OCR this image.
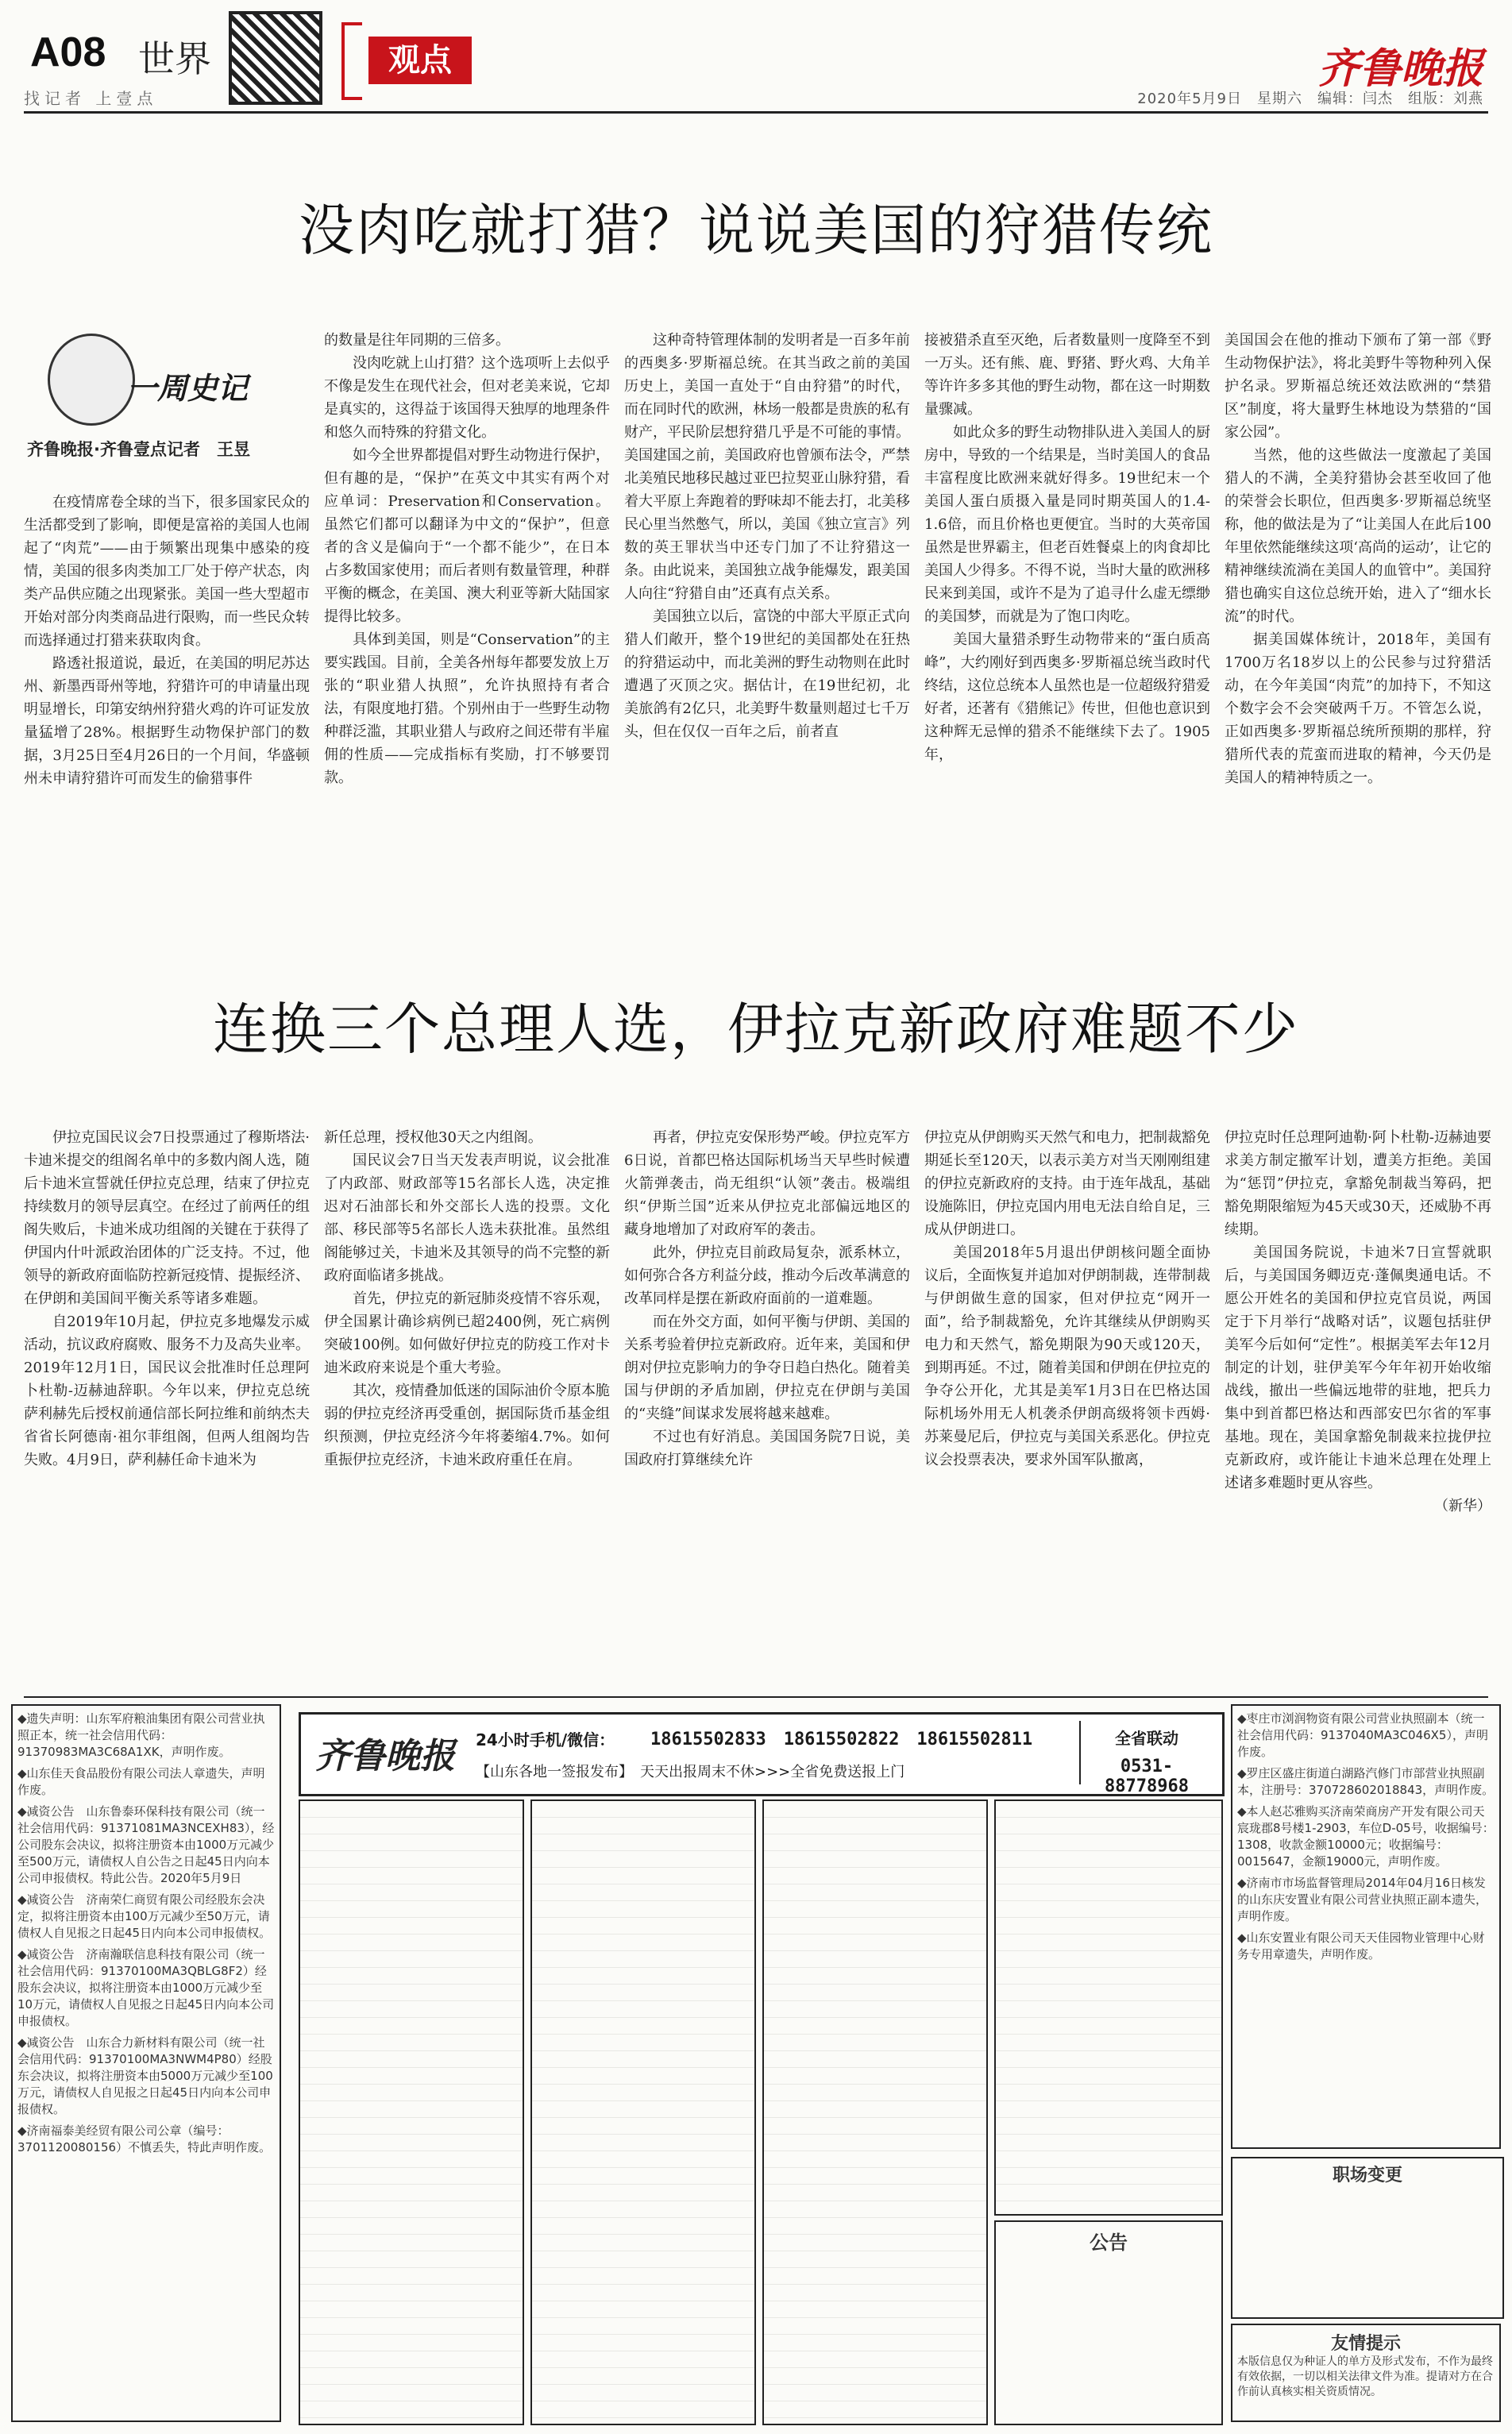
A08 世界
找记者 上壹点
观点	齐鲁晚报
2020年5月9日　星期六　编辑：闫杰　组版：刘燕
没肉吃就打猎？说说美国的狩猎传统
一周史记
齐鲁晚报·齐鲁壹点记者　王昱

在疫情席卷全球的当下，很多国家民众的生活都受到了影响，即便是富裕的美国人也闹起了“肉荒”——由于频繁出现集中感染的疫情，美国的很多肉类加工厂处于停产状态，肉类产品供应随之出现紧张。美国一些大型超市开始对部分肉类商品进行限购，而一些民众转而选择通过打猎来获取肉食。

路透社报道说，最近，在美国的明尼苏达州、新墨西哥州等地，狩猎许可的申请量出现明显增长，印第安纳州狩猎火鸡的许可证发放量猛增了28%。根据野生动物保护部门的数据，3月25日至4月26日的一个月间，华盛顿州未申请狩猎许可而发生的偷猎事件

的数量是往年同期的三倍多。

没肉吃就上山打猎？这个选项听上去似乎不像是发生在现代社会，但对老美来说，它却是真实的，这得益于该国得天独厚的地理条件和悠久而特殊的狩猎文化。

如今全世界都提倡对野生动物进行保护，但有趣的是，“保护”在英文中其实有两个对应单词：Preservation和Conservation。虽然它们都可以翻译为中文的“保护”，但意者的含义是偏向于“一个都不能少”，在日本占多数国家使用；而后者则有数量管理，种群平衡的概念，在美国、澳大利亚等新大陆国家提得比较多。

具体到美国，则是“Conservation”的主要实践国。目前，全美各州每年都要发放上万张的“职业猎人执照”，允许执照持有者合法，有限度地打猎。个别州由于一些野生动物种群泛滥，其职业猎人与政府之间还带有半雇佣的性质——完成指标有奖励，打不够要罚款。

这种奇特管理体制的发明者是一百多年前的西奥多·罗斯福总统。在其当政之前的美国历史上，美国一直处于“自由狩猎”的时代，而在同时代的欧洲，林场一般都是贵族的私有财产，平民阶层想狩猎几乎是不可能的事情。美国建国之前，美国政府也曾颁布法令，严禁北美殖民地移民越过亚巴拉契亚山脉狩猎，看着大平原上奔跑着的野味却不能去打，北美移民心里当然憋气，所以，美国《独立宣言》列数的英王罪状当中还专门加了不让狩猎这一条。由此说来，美国独立战争能爆发，跟美国人向往“狩猎自由”还真有点关系。

美国独立以后，富饶的中部大平原正式向猎人们敞开，整个19世纪的美国都处在狂热的狩猎运动中，而北美洲的野生动物则在此时遭遇了灭顶之灾。据估计，在19世纪初，北美旅鸽有2亿只，北美野牛数量则超过七千万头，但在仅仅一百年之后，前者直

接被猎杀直至灭绝，后者数量则一度降至不到一万头。还有熊、鹿、野猪、野火鸡、大角羊等许许多多其他的野生动物，都在这一时期数量骤减。

如此众多的野生动物排队进入美国人的厨房中，导致的一个结果是，当时美国人的食品丰富程度比欧洲来就好得多。19世纪末一个美国人蛋白质摄入量是同时期英国人的1.4-1.6倍，而且价格也更便宜。当时的大英帝国虽然是世界霸主，但老百姓餐桌上的肉食却比美国人少得多。不得不说，当时大量的欧洲移民来到美国，或许不是为了追寻什么虚无缥缈的美国梦，而就是为了饱口肉吃。

美国大量猎杀野生动物带来的“蛋白质高峰”，大约刚好到西奥多·罗斯福总统当政时代终结，这位总统本人虽然也是一位超级狩猎爱好者，还著有《猎熊记》传世，但他也意识到这种辉无忌惮的猎杀不能继续下去了。1905年，

美国国会在他的推动下颁布了第一部《野生动物保护法》，将北美野牛等物种列入保护名录。罗斯福总统还效法欧洲的“禁猎区”制度，将大量野生林地设为禁猎的“国家公园”。

当然，他的这些做法一度激起了美国猎人的不满，全美狩猎协会甚至收回了他的荣誉会长职位，但西奥多·罗斯福总统坚称，他的做法是为了“让美国人在此后100年里依然能继续这项‘高尚的运动’，让它的精神继续流淌在美国人的血管中”。美国狩猎也确实自这位总统开始，进入了“细水长流”的时代。

据美国媒体统计，2018年，美国有1700万名18岁以上的公民参与过狩猎活动，在今年美国“肉荒”的加持下，不知这个数字会不会突破两千万。不管怎么说，正如西奥多·罗斯福总统所预期的那样，狩猎所代表的荒蛮而进取的精神，今天仍是美国人的精神特质之一。

连换三个总理人选，伊拉克新政府难题不少

伊拉克国民议会7日投票通过了穆斯塔法·卡迪米提交的组阁名单中的多数内阁人选，随后卡迪米宣誓就任伊拉克总理，结束了伊拉克持续数月的领导层真空。在经过了前两任的组阁失败后，卡迪米成功组阁的关键在于获得了伊国内什叶派政治团体的广泛支持。不过，他领导的新政府面临防控新冠疫情、提振经济、在伊朗和美国间平衡关系等诸多难题。

自2019年10月起，伊拉克多地爆发示威活动，抗议政府腐败、服务不力及高失业率。2019年12月1日，国民议会批准时任总理阿卜杜勒-迈赫迪辞职。今年以来，伊拉克总统萨利赫先后授权前通信部长阿拉维和前纳杰夫省省长阿德南·祖尔菲组阁，但两人组阁均告失败。4月9日，萨利赫任命卡迪米为

新任总理，授权他30天之内组阁。

国民议会7日当天发表声明说，议会批准了内政部、财政部等15名部长人选，决定推迟对石油部长和外交部长人选的投票。文化部、移民部等5名部长人选未获批准。虽然组阁能够过关，卡迪米及其领导的尚不完整的新政府面临诸多挑战。

首先，伊拉克的新冠肺炎疫情不容乐观，伊全国累计确诊病例已超2400例，死亡病例突破100例。如何做好伊拉克的防疫工作对卡迪米政府来说是个重大考验。

其次，疫情叠加低迷的国际油价令原本脆弱的伊拉克经济再受重创，据国际货币基金组织预测，伊拉克经济今年将萎缩4.7%。如何重振伊拉克经济，卡迪米政府重任在肩。

再者，伊拉克安保形势严峻。伊拉克军方6日说，首都巴格达国际机场当天早些时候遭火箭弹袭击，尚无组织“认领”袭击。极端组织“伊斯兰国”近来从伊拉克北部偏远地区的藏身地增加了对政府军的袭击。

此外，伊拉克目前政局复杂，派系林立，如何弥合各方利益分歧，推动今后改革满意的改革同样是摆在新政府面前的一道难题。

而在外交方面，如何平衡与伊朗、美国的关系考验着伊拉克新政府。近年来，美国和伊朗对伊拉克影响力的争夺日趋白热化。随着美国与伊朗的矛盾加剧，伊拉克在伊朗与美国的“夹缝”间谋求发展将越来越难。

不过也有好消息。美国国务院7日说，美国政府打算继续允许

伊拉克从伊朗购买天然气和电力，把制裁豁免期延长至120天，以表示美方对当天刚刚组建的伊拉克新政府的支持。由于连年战乱，基础设施陈旧，伊拉克国内用电无法自给自足，三成从伊朗进口。

美国2018年5月退出伊朗核问题全面协议后，全面恢复并追加对伊朗制裁，连带制裁与伊朗做生意的国家，但对伊拉克“网开一面”，给予制裁豁免，允许其继续从伊朗购买电力和天然气，豁免期限为90天或120天，到期再延。不过，随着美国和伊朗在伊拉克的争夺公开化，尤其是美军1月3日在巴格达国际机场外用无人机袭杀伊朗高级将领卡西姆·苏莱曼尼后，伊拉克与美国关系恶化。伊拉克议会投票表决，要求外国军队撤离，

伊拉克时任总理阿迪勒·阿卜杜勒-迈赫迪要求美方制定撤军计划，遭美方拒绝。美国为“惩罚”伊拉克，拿豁免制裁当筹码，把豁免期限缩短为45天或30天，还威胁不再续期。

美国国务院说，卡迪米7日宣誓就职后，与美国国务卿迈克·蓬佩奥通电话。不愿公开姓名的美国和伊拉克官员说，两国定于下月举行“战略对话”，议题包括驻伊美军今后如何“定性”。根据美军去年12月制定的计划，驻伊美军今年年初开始收缩战线，撤出一些偏远地带的驻地，把兵力集中到首都巴格达和西部安巴尔省的军事基地。现在，美国拿豁免制裁来拉拢伊拉克新政府，或许能让卡迪米总理在处理上述诸多难题时更从容些。

（新华）

◆遗失声明：山东军府粮油集团有限公司营业执照正本，统一社会信用代码：91370983MA3C68A1XK，声明作废。

◆山东佳天食品股份有限公司法人章遗失，声明作废。

◆减资公告　山东鲁泰环保科技有限公司（统一社会信用代码：91371081MA3NCEXH83），经公司股东会决议，拟将注册资本由1000万元减少至500万元，请债权人自公告之日起45日内向本公司申报债权。特此公告。2020年5月9日

◆减资公告　济南荣仁商贸有限公司经股东会决定，拟将注册资本由100万元减少至50万元，请债权人自见报之日起45日内向本公司申报债权。

◆减资公告　济南瀚联信息科技有限公司（统一社会信用代码：91370100MA3QBLG8F2）经股东会决议，拟将注册资本由1000万元减少至10万元，请债权人自见报之日起45日内向本公司申报债权。

◆减资公告　山东合力新材料有限公司（统一社会信用代码：91370100MA3NWM4P80）经股东会决议，拟将注册资本由5000万元减少至100万元，请债权人自见报之日起45日内向本公司申报债权。

◆济南福泰美经贸有限公司公章（编号：3701120080156）不慎丢失，特此声明作废。

齐鲁晚报 24小时手机/微信： 18615502833　18615502822　18615502811
【山东各地一签报发布】　天天出报周末不休>>>全省免费送报上门
全省联动
0531-88778968
公告

◆枣庄市浏润物资有限公司营业执照副本（统一社会信用代码：9137040MA3C046X5），声明作废。

◆罗庄区盛庄街道白湖路汽修门市部营业执照副本，注册号：370728602018843，声明作废。

◆本人赵芯雅购买济南荣商房产开发有限公司天宸珑郡8号楼1-2903，车位D-05号，收据编号：1308，收款金额10000元；收据编号：0015647，金额19000元，声明作废。

◆济南市市场监督管理局2014年04月16日核发的山东庆安置业有限公司营业执照正副本遗失，声明作废。

◆山东安置业有限公司天天佳园物业管理中心财务专用章遗失，声明作废。

职场变更
友情提示
本版信息仅为种证人的单方及形式发布，不作为最终有效依据，一切以相关法律文件为准。提请对方在合作前认真核实相关资质情况。
